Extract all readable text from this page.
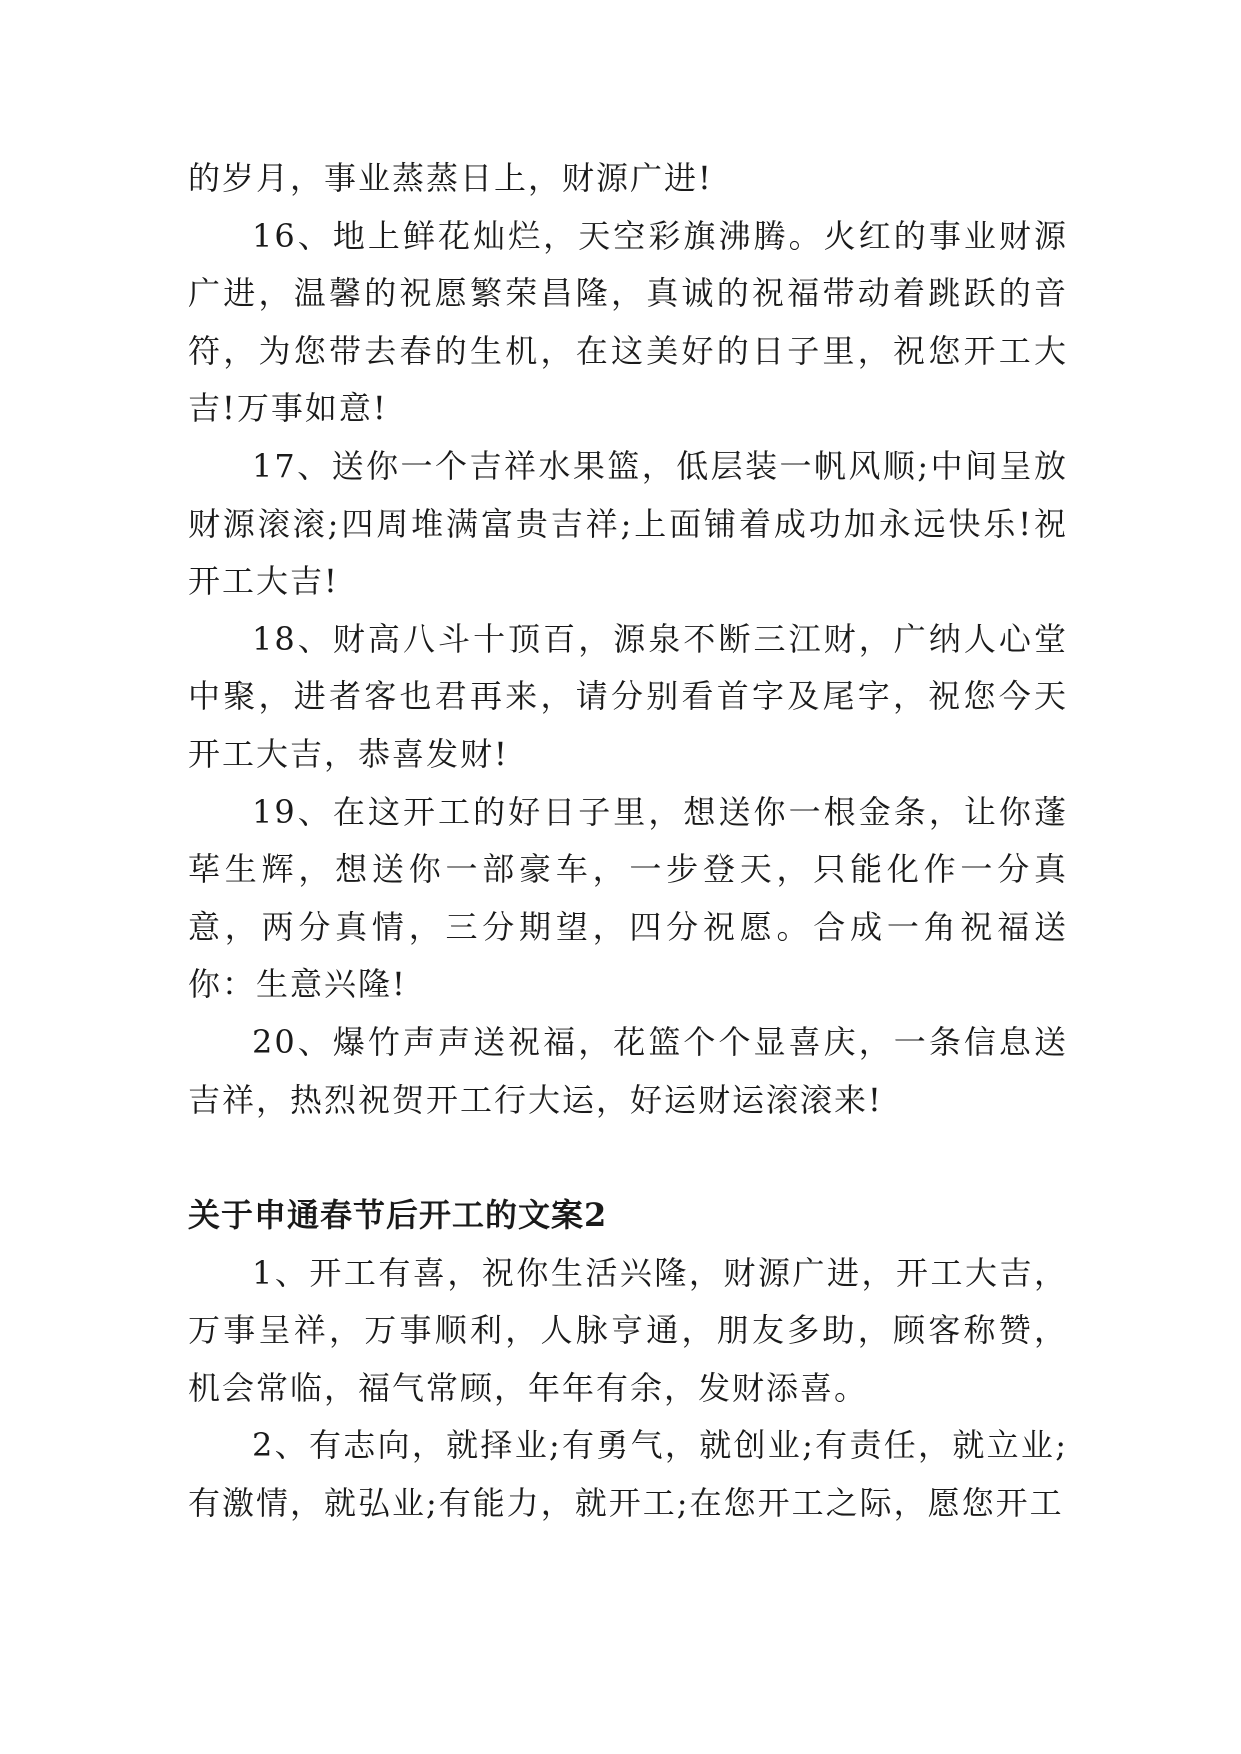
的岁月，事业蒸蒸日上，财源广进!

16、地上鲜花灿烂，天空彩旗沸腾。火红的事业财源广进，温馨的祝愿繁荣昌隆，真诚的祝福带动着跳跃的音符，为您带去春的生机，在这美好的日子里，祝您开工大吉!万事如意!

17、送你一个吉祥水果篮，低层装一帆风顺;中间呈放财源滚滚;四周堆满富贵吉祥;上面铺着成功加永远快乐!祝开工大吉!

18、财高八斗十顶百，源泉不断三江财，广纳人心堂中聚，进者客也君再来，请分别看首字及尾字，祝您今天开工大吉，恭喜发财!

19、在这开工的好日子里，想送你一根金条，让你蓬荜生辉，想送你一部豪车，一步登天，只能化作一分真意，两分真情，三分期望，四分祝愿。合成一角祝福送你：生意兴隆!

20、爆竹声声送祝福，花篮个个显喜庆，一条信息送吉祥，热烈祝贺开工行大运，好运财运滚滚来!

关于申通春节后开工的文案2

1、开工有喜，祝你生活兴隆，财源广进，开工大吉，万事呈祥，万事顺利，人脉亨通，朋友多助，顾客称赞，机会常临，福气常顾，年年有余，发财添喜。

2、有志向，就择业;有勇气，就创业;有责任，就立业;有激情，就弘业;有能力，就开工;在您开工之际，愿您开工
